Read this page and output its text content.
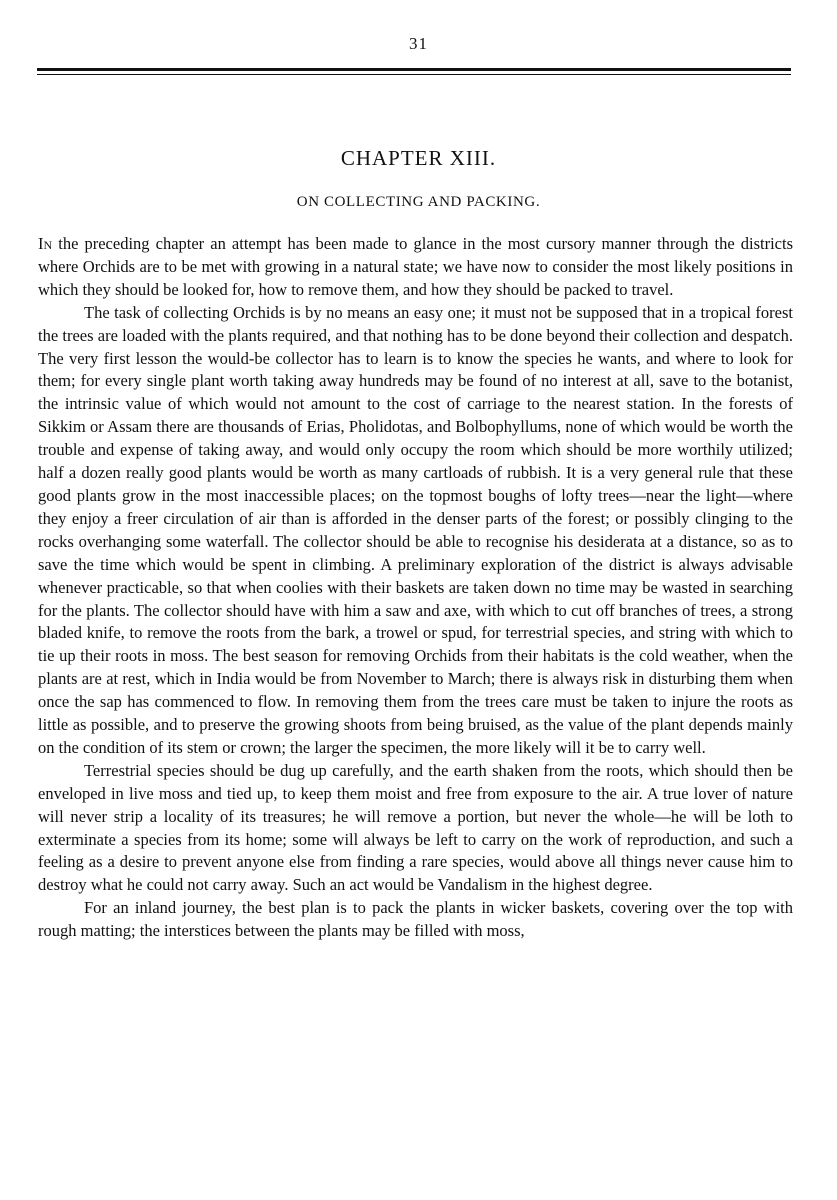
31
CHAPTER XIII.
ON COLLECTING AND PACKING.

In the preceding chapter an attempt has been made to glance in the most cursory manner through the districts where Orchids are to be met with growing in a natural state; we have now to consider the most likely positions in which they should be looked for, how to remove them, and how they should be packed to travel.

The task of collecting Orchids is by no means an easy one; it must not be supposed that in a tropical forest the trees are loaded with the plants required, and that nothing has to be done beyond their collection and despatch. The very first lesson the would-be collector has to learn is to know the species he wants, and where to look for them; for every single plant worth taking away hundreds may be found of no interest at all, save to the botanist, the intrinsic value of which would not amount to the cost of carriage to the nearest station. In the forests of Sikkim or Assam there are thousands of Erias, Pholidotas, and Bolbophyllums, none of which would be worth the trouble and expense of taking away, and would only occupy the room which should be more worthily utilized; half a dozen really good plants would be worth as many cartloads of rubbish. It is a very general rule that these good plants grow in the most inaccessible places; on the topmost boughs of lofty trees—near the light—where they enjoy a freer circulation of air than is afforded in the denser parts of the forest; or possibly clinging to the rocks overhanging some waterfall. The collector should be able to recognise his desiderata at a distance, so as to save the time which would be spent in climbing. A preliminary exploration of the district is always advisable whenever practicable, so that when coolies with their baskets are taken down no time may be wasted in searching for the plants. The collector should have with him a saw and axe, with which to cut off branches of trees, a strong bladed knife, to remove the roots from the bark, a trowel or spud, for terrestrial species, and string with which to tie up their roots in moss. The best season for removing Orchids from their habitats is the cold weather, when the plants are at rest, which in India would be from November to March; there is always risk in disturbing them when once the sap has commenced to flow. In removing them from the trees care must be taken to injure the roots as little as possible, and to preserve the growing shoots from being bruised, as the value of the plant depends mainly on the condition of its stem or crown; the larger the specimen, the more likely will it be to carry well.

Terrestrial species should be dug up carefully, and the earth shaken from the roots, which should then be enveloped in live moss and tied up, to keep them moist and free from exposure to the air. A true lover of nature will never strip a locality of its treasures; he will remove a portion, but never the whole—he will be loth to exterminate a species from its home; some will always be left to carry on the work of reproduction, and such a feeling as a desire to prevent anyone else from finding a rare species, would above all things never cause him to destroy what he could not carry away. Such an act would be Vandalism in the highest degree.

For an inland journey, the best plan is to pack the plants in wicker baskets, covering over the top with rough matting; the interstices between the plants may be filled with moss,
